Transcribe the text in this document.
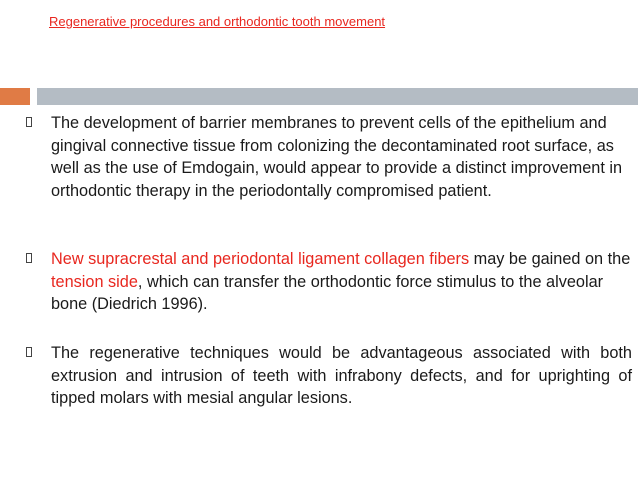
Regenerative procedures and orthodontic tooth movement
The development of barrier membranes to prevent cells of the epithelium and gingival connective tissue from colonizing the decontaminated root surface, as well as the use of Emdogain, would appear to provide a distinct improvement in orthodontic therapy in the periodontally compromised patient.
New supracrestal and periodontal ligament collagen fibers may be gained on the tension side, which can transfer the orthodontic force stimulus to the alveolar bone (Diedrich 1996).
The regenerative techniques would be advantageous associated with both extrusion and intrusion of teeth with infrabony defects, and for uprighting of tipped molars with mesial angular lesions.
